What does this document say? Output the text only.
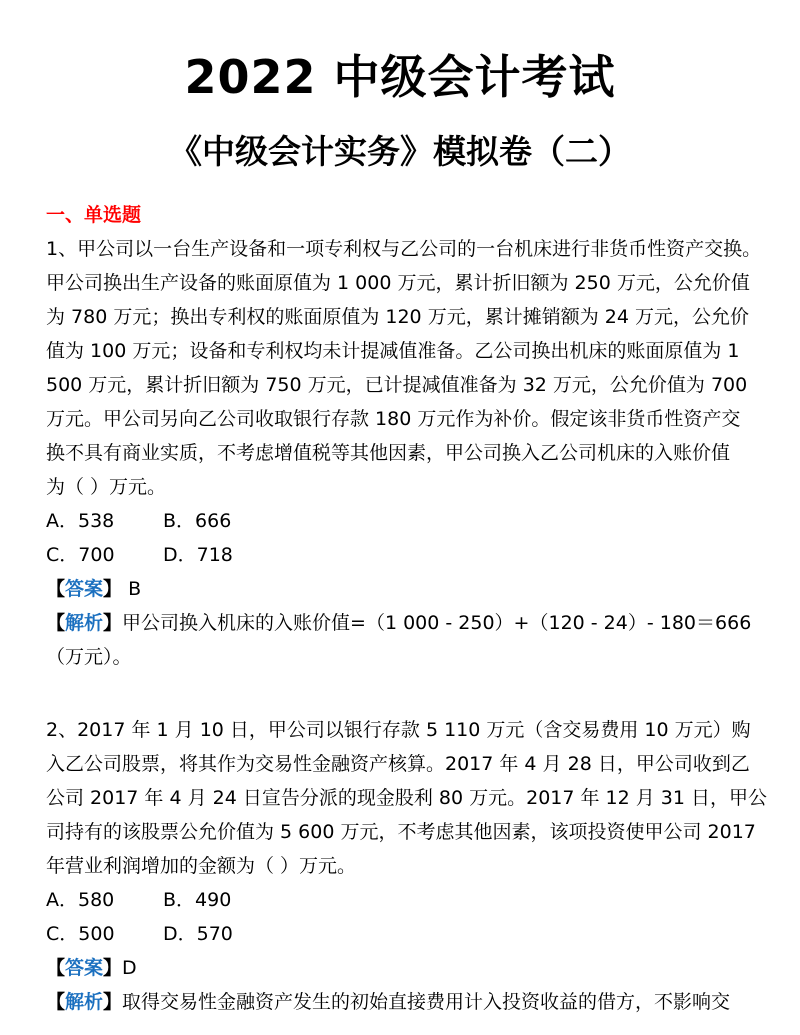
2022 中级会计考试
《中级会计实务》模拟卷（二）
一、单选题
1、甲公司以一台生产设备和一项专利权与乙公司的一台机床进行非货币性资产交换。
甲公司换出生产设备的账面原值为 1 000 万元，累计折旧额为 250 万元，公允价值
为 780 万元；换出专利权的账面原值为 120 万元，累计摊销额为 24 万元，公允价
值为 100 万元；设备和专利权均未计提减值准备。乙公司换出机床的账面原值为 1
500 万元，累计折旧额为 750 万元，已计提减值准备为 32 万元，公允价值为 700
万元。甲公司另向乙公司收取银行存款 180 万元作为补价。假定该非货币性资产交
换不具有商业实质，不考虑增值税等其他因素，甲公司换入乙公司机床的入账价值
为（ ）万元。
A．538	B．666
C．700	D．718
【答案】 B
【解析】甲公司换入机床的入账价值=（1 000 - 250）+（120 - 24）- 180＝666
（万元）。
2、2017 年 1 月 10 日，甲公司以银行存款 5 110 万元（含交易费用 10 万元）购
入乙公司股票，将其作为交易性金融资产核算。2017 年 4 月 28 日，甲公司收到乙
公司 2017 年 4 月 24 日宣告分派的现金股利 80 万元。2017 年 12 月 31 日，甲公
司持有的该股票公允价值为 5 600 万元，不考虑其他因素，该项投资使甲公司 2017
年营业利润增加的金额为（ ）万元。
A．580	B．490
C．500	D．570
【答案】D
【解析】取得交易性金融资产发生的初始直接费用计入投资收益的借方，不影响交
